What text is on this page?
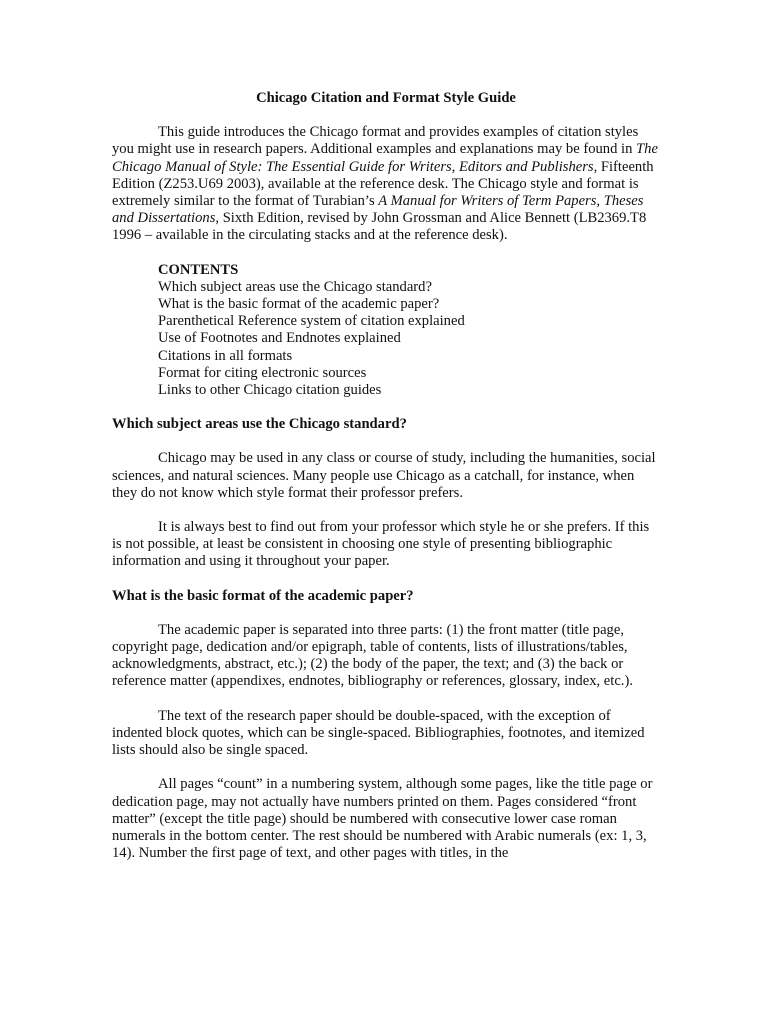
Chicago Citation and Format Style Guide

This guide introduces the Chicago format and provides examples of citation styles you might use in research papers. Additional examples and explanations may be found in The Chicago Manual of Style: The Essential Guide for Writers, Editors and Publishers, Fifteenth Edition (Z253.U69 2003), available at the reference desk. The Chicago style and format is extremely similar to the format of Turabian’s A Manual for Writers of Term Papers, Theses and Dissertations, Sixth Edition, revised by John Grossman and Alice Bennett (LB2369.T8 1996 – available in the circulating stacks and at the reference desk).

CONTENTS
Which subject areas use the Chicago standard?
What is the basic format of the academic paper?
Parenthetical Reference system of citation explained
Use of Footnotes and Endnotes explained
Citations in all formats
Format for citing electronic sources
Links to other Chicago citation guides
Which subject areas use the Chicago standard?

Chicago may be used in any class or course of study, including the humanities, social sciences, and natural sciences. Many people use Chicago as a catchall, for instance, when they do not know which style format their professor prefers.

It is always best to find out from your professor which style he or she prefers. If this is not possible, at least be consistent in choosing one style of presenting bibliographic information and using it throughout your paper.

What is the basic format of the academic paper?

The academic paper is separated into three parts: (1) the front matter (title page, copyright page, dedication and/or epigraph, table of contents, lists of illustrations/tables, acknowledgments, abstract, etc.); (2) the body of the paper, the text; and (3) the back or reference matter (appendixes, endnotes, bibliography or references, glossary, index, etc.).

The text of the research paper should be double-spaced, with the exception of indented block quotes, which can be single-spaced. Bibliographies, footnotes, and itemized lists should also be single spaced.

All pages “count” in a numbering system, although some pages, like the title page or dedication page, may not actually have numbers printed on them. Pages considered “front matter” (except the title page) should be numbered with consecutive lower case roman numerals in the bottom center. The rest should be numbered with Arabic numerals (ex: 1, 3, 14). Number the first page of text, and other pages with titles, in the
